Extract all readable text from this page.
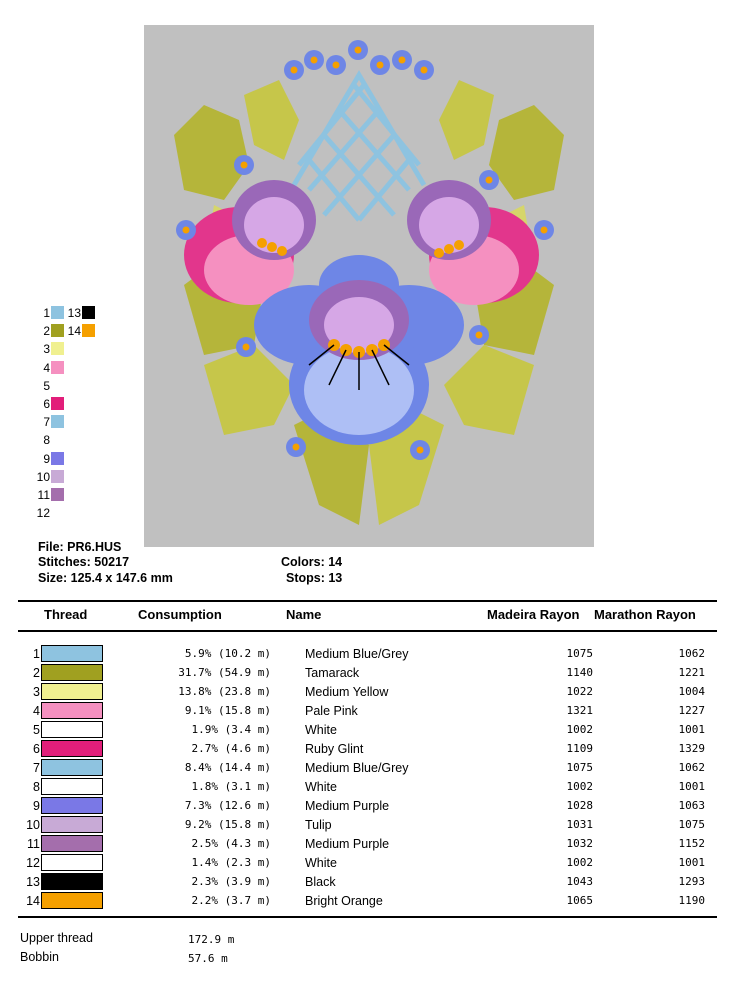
1
2
3
4
5
6
7
8
9
10
11
12
13
14
File: PR6.HUS
Stitches: 50217
Size: 125.4 x 147.6 mm
Colors: 14
Stops: 13
Thread	Consumption	Name	Madeira Rayon Marathon Rayon
1		5.9% (10.2 m)	Medium Blue/Grey	1075	1062
2		31.7% (54.9 m)	Tamarack	1140	1221
3		13.8% (23.8 m)	Medium Yellow	1022	1004
4		9.1% (15.8 m)	Pale Pink	1321	1227
5		1.9% (3.4 m)	White	1002	1001
6		2.7% (4.6 m)	Ruby Glint	1109	1329
7		8.4% (14.4 m)	Medium Blue/Grey	1075	1062
8		1.8% (3.1 m)	White	1002	1001
9		7.3% (12.6 m)	Medium Purple	1028	1063
10		9.2% (15.8 m)	Tulip	1031	1075
11		2.5% (4.3 m)	Medium Purple	1032	1152
12		1.4% (2.3 m)	White	1002	1001
13		2.3% (3.9 m)	Black	1043	1293
14		2.2% (3.7 m)	Bright Orange	1065	1190
Upper thread	172.9 m
Bobbin	57.6 m
